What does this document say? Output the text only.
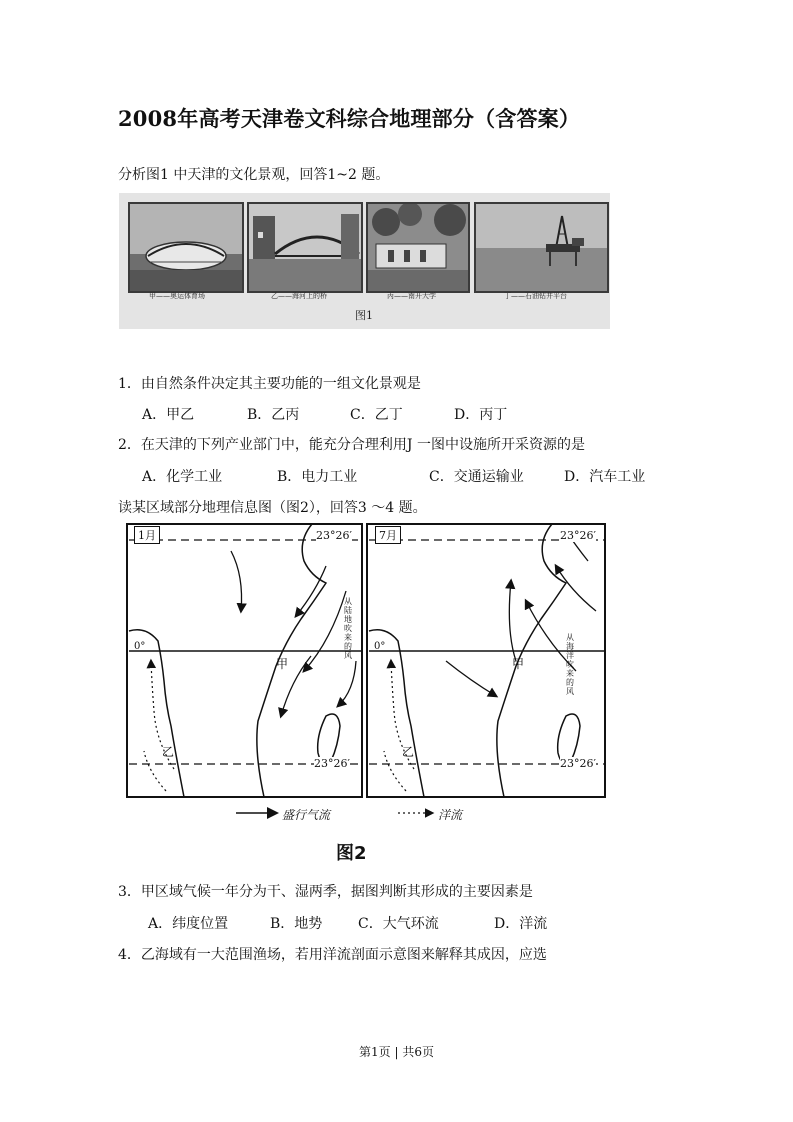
2008年高考天津卷文科综合地理部分（含答案）
分析图1 中天津的文化景观，回答1~2 题。
甲——奥运体育场	乙——海河上的桥	丙——南开大学	丁——石油钻井平台
图1
1．由自然条件决定其主要功能的一组文化景观是
A．甲乙	B．乙丙	C．乙丁	D．丙丁
2．在天津的下列产业部门中，能充分合理利用J 一图中设施所开采资源的是
A．化学工业	B．电力工业	C．交通运输业	D．汽车工业
读某区域部分地理信息图（图2），回答3 ～4 题。
1月	7月
23°26′	23°26′
0°	0°
23°26′	23°26′
甲	甲
乙	乙
从陆地吹来的风
从海洋吹来的风
盛行气流	洋流
图2
3．甲区域气候一年分为干、湿两季，据图判断其形成的主要因素是
A．纬度位置	B．地势	C．大气环流	D．洋流
4．乙海域有一大范围渔场，若用洋流剖面示意图来解释其成因，应选
第1页 | 共6页
